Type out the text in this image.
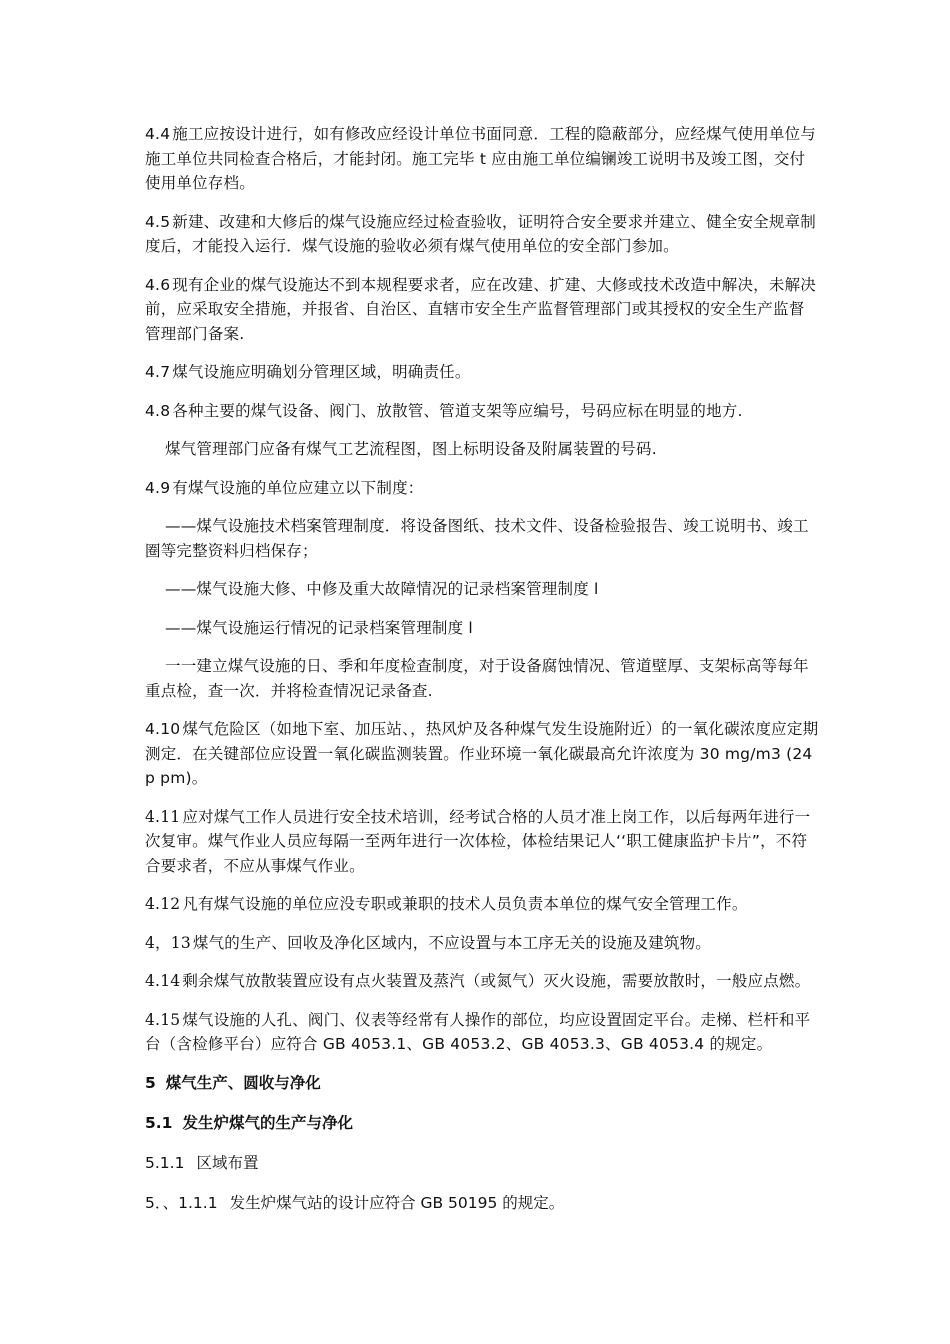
4.4 施工应按设计进行，如有修改应经设计单位书面同意．工程的隐蔽部分，应经煤气使用单位与施工单位共同检查合格后，才能封闭。施工完毕 t 应由施工单位编镧竣工说明书及竣工图，交付使用单位存档。

4.5 新建、改建和大修后的煤气设施应经过检查验收，证明符合安全要求并建立、健全安全规章制度后，才能投入运行．煤气设施的验收必须有煤气使用单位的安全部门参加。

4.6 现有企业的煤气设施达不到本规程要求者，应在改建、扩建、大修或技术改造中解决，未解决前，应采取安全措施，并报省、自治区、直辖市安全生产监督管理部门或其授权的安全生产监督管理部门备案.

4.7 煤气设施应明确划分管理区域，明确责任。

4.8 各种主要的煤气设备、阀门、放散管、管道支架等应编号，号码应标在明显的地方.

煤气管理部门应备有煤气工艺流程图，图上标明设备及附属装置的号码.

4.9 有煤气设施的单位应建立以下制度：

——煤气设施技术档案管理制度．将设备图纸、技术文件、设备检验报告、竣工说明书、竣工圈等完整资料归档保存；

——煤气设施大修、中修及重大故障情况的记录档案管理制度 l

——煤气设施运行情况的记录档案管理制度 l

一一建立煤气设施的日、季和年度检查制度，对于设备腐蚀情况、管道壁厚、支架标高等每年重点检，查一次．并将检查情况记录备查.

4.10 煤气危险区（如地下室、加压站、，热风炉及各种煤气发生设施附近）的一氧化碳浓度应定期测定．在关键部位应设置一氧化碳监测装置。作业环境一氧化碳最高允许浓度为 30 mg/m3 (24 p pm)。

4.11 应对煤气工作人员进行安全技术培训，经考试合格的人员才准上岗工作，以后每两年进行一次复审。煤气作业人员应每隔一至两年进行一次体检，体检结果记人‘‘职工健康监护卡片”，不符合要求者，不应从事煤气作业。

4.12 凡有煤气设施的单位应没专职或兼职的技术人员负责本单位的煤气安全管理工作。

4，13 煤气的生产、回收及净化区域内，不应设置与本工序无关的设施及建筑物。

4.14 剩余煤气放散装置应设有点火装置及蒸汽（或氮气）灭火设施，需要放散时，一般应点燃。

4.15 煤气设施的人孔、阀门、仪表等经常有人操作的部位，均应设置固定平台。走梯、栏杆和平台（含检修平台）应符合 GB 4053.1、GB 4053.2、GB 4053.3、GB 4053.4 的规定。

5 煤气生产、圆收与净化

5.1 发生炉煤气的生产与净化

5.1.1 区域布置

5．、1.1.1 发生炉煤气站的设计应符合 GB 50195 的规定。
